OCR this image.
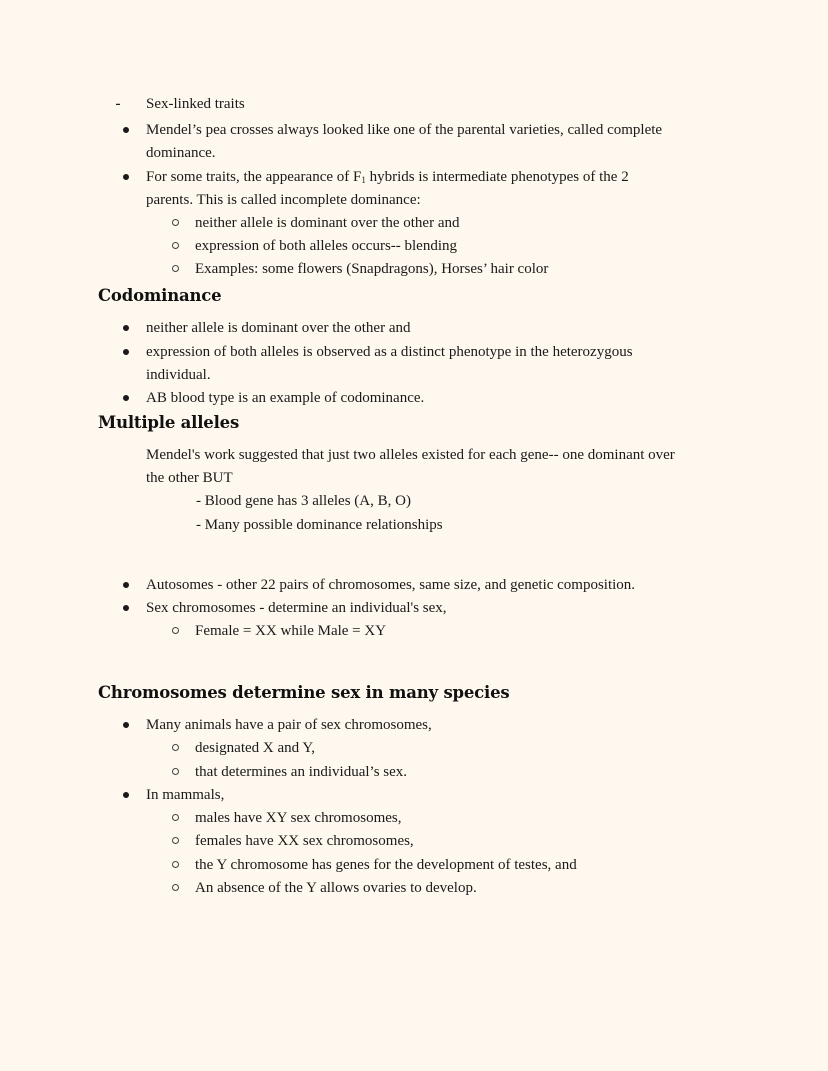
- Sex-linked traits
Mendel’s pea crosses always looked like one of the parental varieties, called complete
dominance.
For some traits, the appearance of $F_1$ hybrids is intermediate phenotypes of the 2
parents. This is called incomplete dominance:
neither allele is dominant over the other and
expression of both alleles occurs-- blending
Examples: some flowers (Snapdragons), Horses’ hair color
Codominance
neither allele is dominant over the other and
expression of both alleles is observed as a distinct phenotype in the heterozygous
individual.
AB blood type is an example of codominance.
Multiple alleles
Mendel's work suggested that just two alleles existed for each gene-- one dominant over
the other BUT
- Blood gene has 3 alleles (A, B, O)
- Many possible dominance relationships
Autosomes - other 22 pairs of chromosomes, same size, and genetic composition.
Sex chromosomes - determine an individual's sex,
Female = XX while Male = XY
Chromosomes determine sex in many species
Many animals have a pair of sex chromosomes,
designated X and Y,
that determines an individual’s sex.
In mammals,
males have XY sex chromosomes,
females have XX sex chromosomes,
the Y chromosome has genes for the development of testes, and
An absence of the Y allows ovaries to develop.
